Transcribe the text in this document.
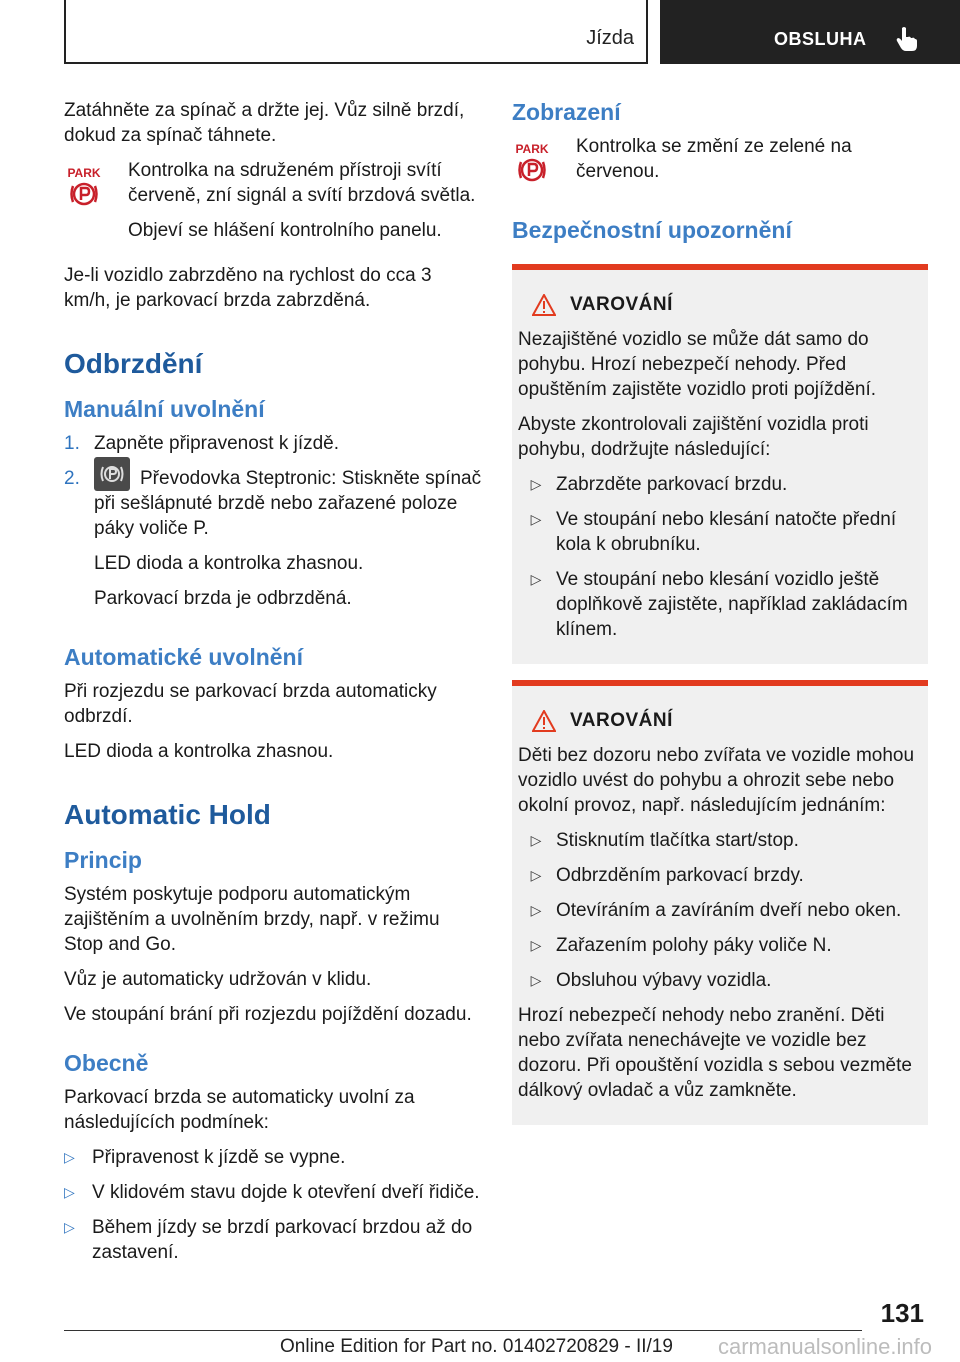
Jízda	OBSLUHA

Zatáhněte za spínač a držte jej. Vůz silně brzdí, dokud za spínač táhnete.

PARK Kontrolka na sdruženém přístroji svítí červeně, zní signál a svítí brzdová světla.

Objeví se hlášení kontrolního panelu.

Je-li vozidlo zabrzděno na rychlost do cca 3 km/h, je parkovací brzda zabrzděná.

Odbrzdění
Manuální uvolnění
1. Zapněte připravenost k jízdě.
2.	Převodovka Steptronic: Stiskněte spínač při sešlápnuté brzdě nebo zařazené poloze páky voliče P.

LED dioda a kontrolka zhasnou.

Parkovací brzda je odbrzděná.

Automatické uvolnění

Při rozjezdu se parkovací brzda automaticky odbrzdí.

LED dioda a kontrolka zhasnou.

Automatic Hold
Princip

Systém poskytuje podporu automatickým zajištěním a uvolněním brzdy, např. v režimu Stop and Go.

Vůz je automaticky udržován v klidu.

Ve stoupání brání při rozjezdu pojíždění dozadu.

Obecně

Parkovací brzda se automaticky uvolní za následujících podmínek:

▷ Připravenost k jízdě se vypne.
▷ V klidovém stavu dojde k otevření dveří řidiče.
▷ Během jízdy se brzdí parkovací brzdou až do zastavení.
Zobrazení
PARK Kontrolka se změní ze zelené na červenou.

Bezpečnostní upozornění
VAROVÁNÍ

Nezajištěné vozidlo se může dát samo do pohybu. Hrozí nebezpečí nehody. Před opuštěním zajistěte vozidlo proti pojíždění.

Abyste zkontrolovali zajištění vozidla proti pohybu, dodržujte následující:

▷ Zabrzděte parkovací brzdu.
▷ Ve stoupání nebo klesání natočte přední kola k obrubníku.
▷ Ve stoupání nebo klesání vozidlo ještě doplňkově zajistěte, například zakládacím klínem.
VAROVÁNÍ

Děti bez dozoru nebo zvířata ve vozidle mohou vozidlo uvést do pohybu a ohrozit sebe nebo okolní provoz, např. následujícím jednáním:

▷ Stisknutím tlačítka start/stop.
▷ Odbrzděním parkovací brzdy.
▷ Otevíráním a zavíráním dveří nebo oken.
▷ Zařazením polohy páky voliče N.
▷ Obsluhou výbavy vozidla.

Hrozí nebezpečí nehody nebo zranění. Děti nebo zvířata nenechávejte ve vozidle bez dozoru. Při opouštění vozidla s sebou vezměte dálkový ovladač a vůz zamkněte.

131
Online Edition for Part no. 01402720829 - II/19 carmanualsonline.info
